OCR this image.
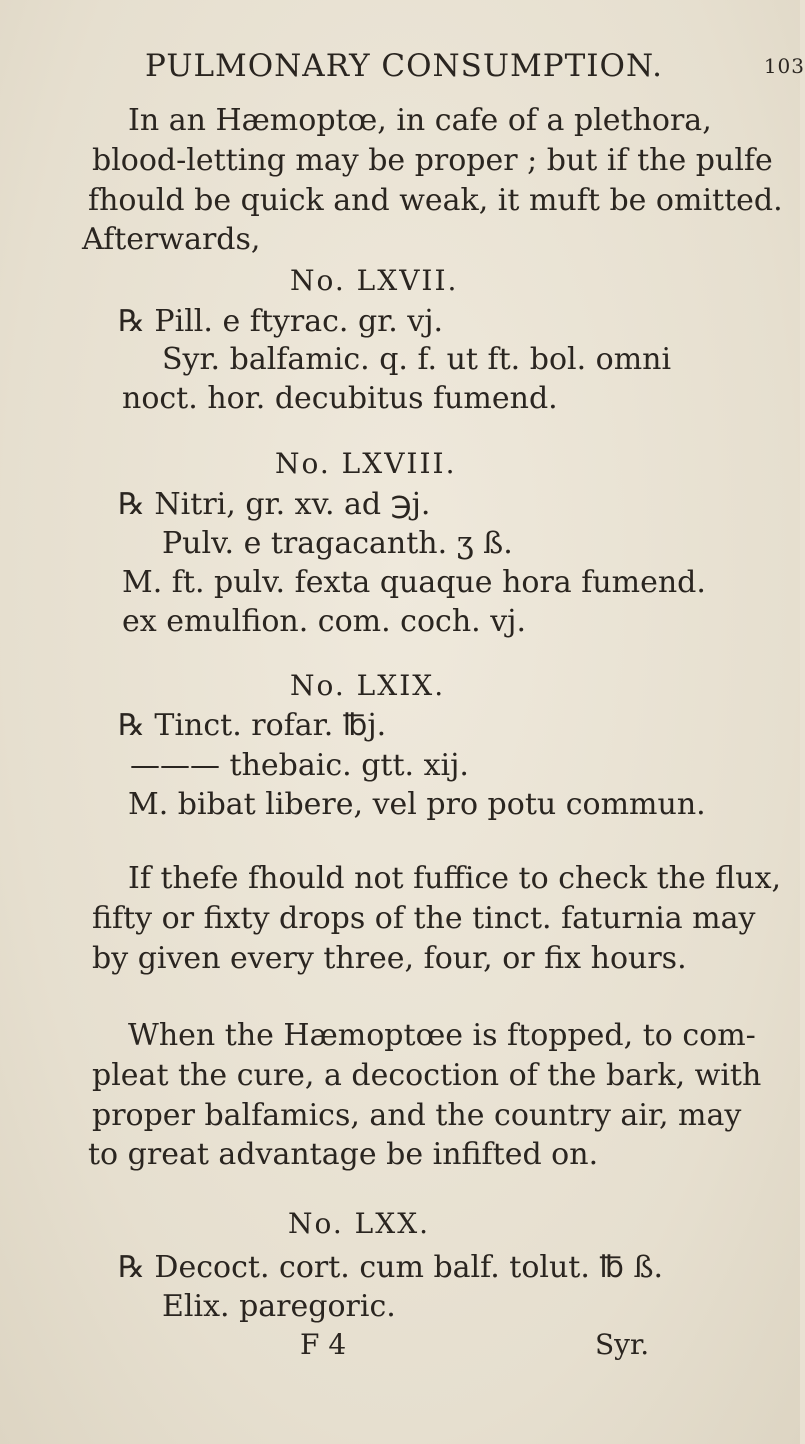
PULMONARY CONSUMPTION.	103
In an Hæmoptœ, in cafe of a plethora,
blood-letting may be proper ; but if the pulfe
fhould be quick and weak, it muft be omitted.
Afterwards,
No. LXVII.
℞ Pill. e ftyrac. gr. vj.
Syr. balfamic. q. f. ut ft. bol. omni
noct. hor. decubitus fumend.
No. LXVIII.
℞ Nitri, gr. xv. ad ℈j.
Pulv. e tragacanth. ʒ ß.
M. ft. pulv. fexta quaque hora fumend.
ex emulfion. com. coch. vj.
No. LXIX.
℞ Tinct. rofar. ℔j.
——— thebaic. gtt. xij.
M. bibat libere, vel pro potu commun.
If thefe fhould not fuffice to check the flux,
fifty or fixty drops of the tinct. faturnia may
by given every three, four, or fix hours.
When the Hæmoptœe is ftopped, to com-
pleat the cure, a decoction of the bark, with
proper balfamics, and the country air, may
to great advantage be infifted on.
No. LXX.
℞ Decoct. cort. cum balf. tolut. ℔ ß.
Elix. paregoric.
F 4	Syr.
